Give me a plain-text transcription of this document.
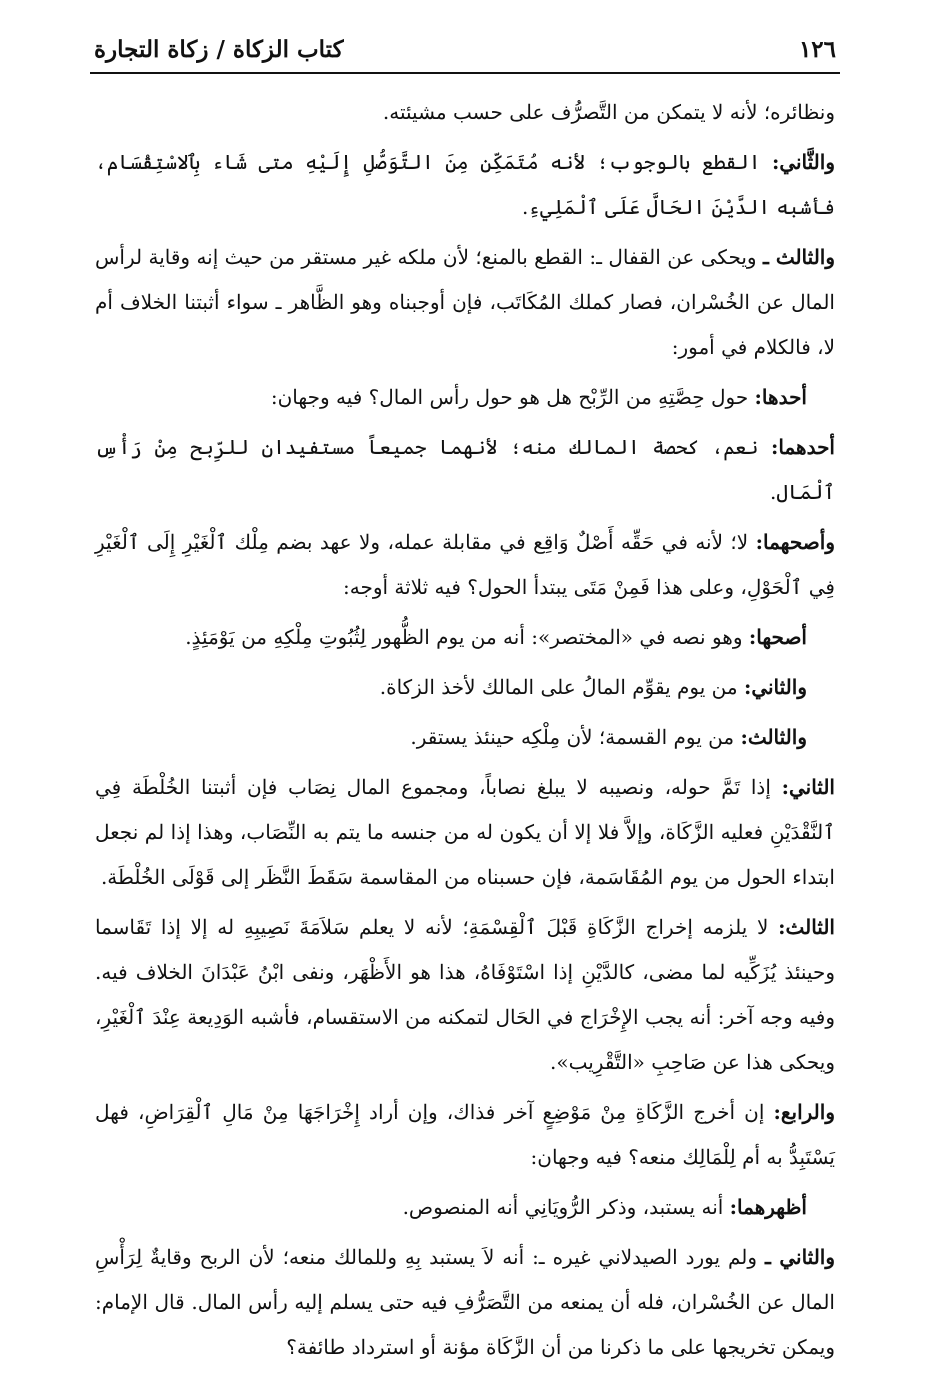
١٢٦
كتاب الزكاة / زكاة التجارة

ونظائره؛ لأنه لا يتمكن من التَّصرُّف على حسب مشيئته.

والثَّاني: القطع بالوجوب؛ لأنه مُتَمَكِّن مِنَ التَّوَصُّلِ إِلَيْهِ متى شَاء بِٱلاسْتِقْسَام، فأشبه الدَّيْنَ الحَالَّ عَلَى ٱلْمَلِيءِ.

والثالث ـ ويحكى عن القفال ـ: القطع بالمنع؛ لأن ملكه غير مستقر من حيث إنه وقاية لرأس المال عن الخُسْران، فصار كملك المُكَاتَب، فإن أوجبناه وهو الظَّاهر ـ سواء أثبتنا الخلاف أم لا، فالكلام في أمور:

أحدها: حول حِصَّتِهِ من الرِّبْح هل هو حول رأس المال؟ فيه وجهان:

أحدهما: نعم، كحصة المالك منه؛ لأنهما جميعاً مستفيدان للرِّبح مِنْ رَأْسِ ٱلْمَال.

وأصحهما: لا؛ لأنه في حَقِّه أَصْلٌ وَاقِع في مقابلة عمله، ولا عهد بضم مِلْك ٱلْغَيْرِ إِلَى ٱلْغَيْرِ فِي ٱلْحَوْلِ، وعلى هذا فَمِنْ مَتَى يبتدأ الحول؟ فيه ثلاثة أوجه:

أصحها: وهو نصه في «المختصر»: أنه من يوم الظُّهور لِثُبُوتِ مِلْكِهِ من يَوْمَئِذٍ.

والثاني: من يوم يقوِّم المالُ على المالك لأخذ الزكاة.

والثالث: من يوم القسمة؛ لأن مِلْكِه حينئذ يستقر.

الثاني: إذا تَمَّ حوله، ونصيبه لا يبلغ نصاباً، ومجموع المال نِصَاب فإن أثبتنا الخُلْطَة فِي ٱلنَّقْدَيْنِ فعليه الزَّكَاة، وإلاَّ فلا إلا أن يكون له من جنسه ما يتم به النِّصَاب، وهذا إذا لم نجعل ابتداء الحول من يوم المُقَاسَمة، فإن حسبناه من المقاسمة سَقَطَ النَّظَر إلى قَوْلَى الخُلْطَة.

الثالث: لا يلزمه إخراج الزَّكَاةِ قَبْلَ ٱلْقِسْمَةِ؛ لأنه لا يعلم سَلاَمَةَ نَصِيبِهِ له إلا إذا تَقَاسما وحينئذ يُزَكِّيه لما مضى، كالدَّيْنِ إذا اسْتَوْفَاهُ، هذا هو الأَظْهَر، ونفى ابْنُ عَبْدَانَ الخلاف فيه. وفيه وجه آخر: أنه يجب الإِخْرَاج في الحَال لتمكنه من الاستقسام، فأشبه الوَدِيعة عِنْدَ ٱلْغَيْرِ، ويحكى هذا عن صَاحِبِ «التَّقْرِيب».

والرابع: إن أخرج الزَّكَاةِ مِنْ مَوْضِعٍ آخر فذاك، وإن أراد إِخْرَاجَهَا مِنْ مَالِ ٱلْقِرَاضِ، فهل يَسْتَبِدُّ به أم لِلْمَالِك منعه؟ فيه وجهان:

أظهرهما: أنه يستبد، وذكر الرُّويَانِي أنه المنصوص.

والثاني ـ ولم يورد الصيدلاني غيره ـ: أنه لاَ يستبد بِهِ وللمالك منعه؛ لأن الربح وقايةٌ لِرَأْسِ المال عن الخُسْران، فله أن يمنعه من التَّصَرُّفِ فيه حتى يسلم إليه رأس المال. قال الإمام: ويمكن تخريجها على ما ذكرنا من أن الزَّكَاة مؤنة أو استرداد طائفة؟
